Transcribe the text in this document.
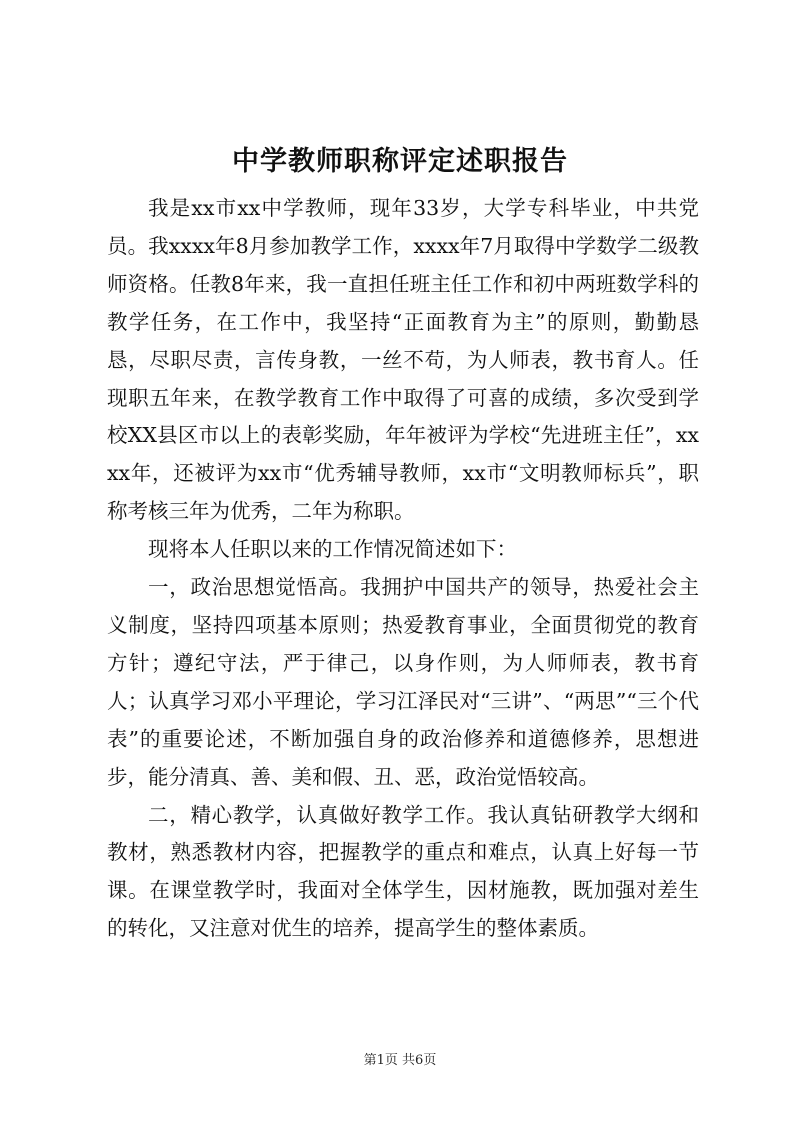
中学教师职称评定述职报告

我是xx市xx中学教师，现年33岁，大学专科毕业，中共党员。我xxxx年8月参加教学工作，xxxx年7月取得中学数学二级教师资格。任教8年来，我一直担任班主任工作和初中两班数学科的教学任务，在工作中，我坚持“正面教育为主”的原则，勤勤恳恳，尽职尽责，言传身教，一丝不苟，为人师表，教书育人。任现职五年来，在教学教育工作中取得了可喜的成绩，多次受到学校XX县区市以上的表彰奖励，年年被评为学校“先进班主任”，xxxx年，还被评为xx市“优秀辅导教师，xx市“文明教师标兵”，职称考核三年为优秀，二年为称职。

现将本人任职以来的工作情况简述如下：

一，政治思想觉悟高。我拥护中国共产的领导，热爱社会主义制度，坚持四项基本原则；热爱教育事业，全面贯彻党的教育方针；遵纪守法，严于律己，以身作则，为人师师表，教书育人；认真学习邓小平理论，学习江泽民对“三讲”、“两思”“三个代表”的重要论述，不断加强自身的政治修养和道德修养，思想进步，能分清真、善、美和假、丑、恶，政治觉悟较高。

二，精心教学，认真做好教学工作。我认真钻研教学大纲和教材，熟悉教材内容，把握教学的重点和难点，认真上好每一节课。在课堂教学时，我面对全体学生，因材施教，既加强对差生的转化，又注意对优生的培养，提高学生的整体素质。

第1页 共6页
